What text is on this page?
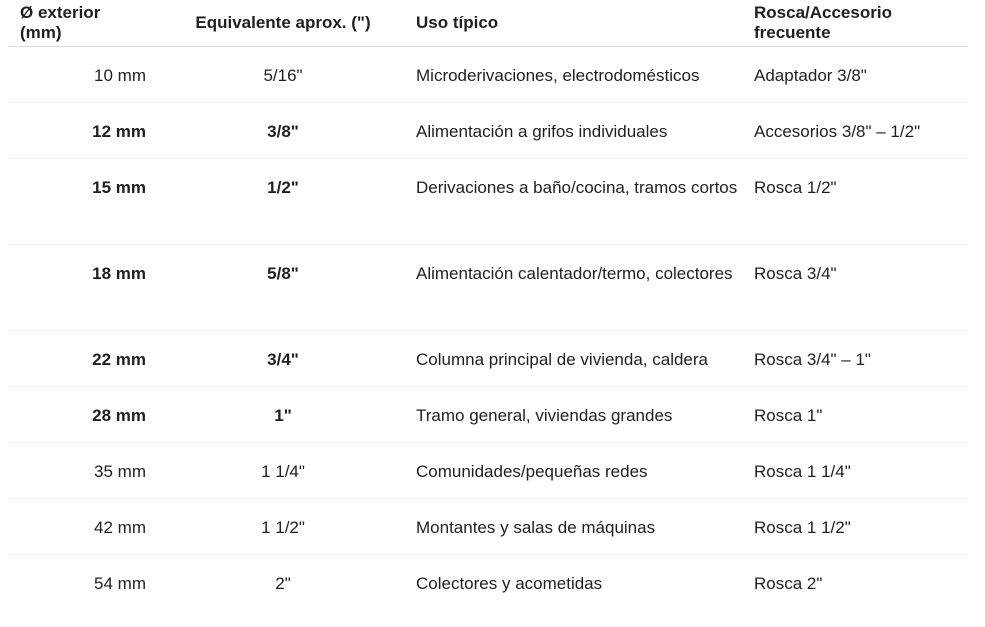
Ø exterior (mm)	Equivalente aprox. (")	Uso típico	Rosca/Accesorio frecuente
10 mm	5/16"	Microderivaciones, electrodomésticos	Adaptador 3/8"
12 mm	3/8"	Alimentación a grifos individuales	Accesorios 3/8" – 1/2"
15 mm	1/2"	Derivaciones a baño/cocina, tramos cortos	Rosca 1/2"
18 mm	5/8"	Alimentación calentador/termo, colectores	Rosca 3/4"
22 mm	3/4"	Columna principal de vivienda, caldera	Rosca 3/4" – 1"
28 mm	1"	Tramo general, viviendas grandes	Rosca 1"
35 mm	1 1/4"	Comunidades/pequeñas redes	Rosca 1 1/4"
42 mm	1 1/2"	Montantes y salas de máquinas	Rosca 1 1/2"
54 mm	2"	Colectores y acometidas	Rosca 2"
